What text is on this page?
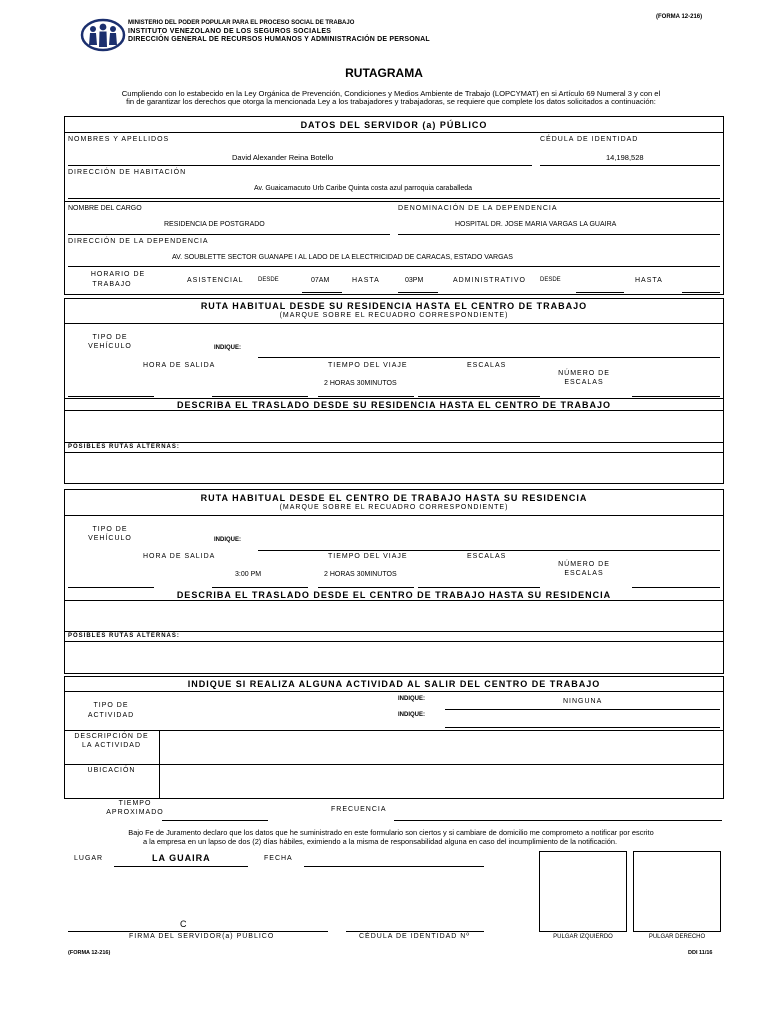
MINISTERIO DEL PODER POPULAR PARA EL PROCESO SOCIAL DE TRABAJO
INSTITUTO VENEZOLANO DE LOS SEGUROS SOCIALES
DIRECCIÓN GENERAL DE RECURSOS HUMANOS Y ADMINISTRACIÓN DE PERSONAL
(FORMA 12-216)
RUTAGRAMA
Cumpliendo con lo estabecido en la Ley Orgánica de Prevención, Condiciones y Medios Ambiente de Trabajo (LOPCYMAT) en si Artículo 69 Numeral 3 y con el
fin de garantizar los derechos que otorga la mencionada Ley a los trabajadores y trabajadoras, se requiere que complete los datos solicitados a continuación:
DATOS DEL SERVIDOR (a) PÚBLICO
NOMBRES Y APELLIDOS	CÉDULA DE IDENTIDAD
David Alexander Reina Botello	14,198,528
DIRECCIÓN DE HABITACIÓN
Av. Guaicamacuto Urb Caribe Quinta costa azul parroquia caraballeda
NOMBRE DEL CARGO	DENOMINACIÓN DE LA DEPENDENCIA
RESIDENCIA DE POSTGRADO	HOSPITAL DR. JOSE MARIA VARGAS LA GUAIRA
DIRECCIÓN DE LA DEPENDENCIA
AV. SOUBLETTE SECTOR GUANAPE I AL LADO DE LA ELECTRICIDAD DE CARACAS, ESTADO VARGAS
HORARIO DE
TRABAJO
ASISTENCIAL DESDE	07AM	HASTA	03PM	ADMINISTRATIVO DESDE	HASTA
RUTA HABITUAL DESDE SU RESIDENCIA HASTA EL CENTRO DE TRABAJO
(MARQUE SOBRE EL RECUADRO CORRESPONDIENTE)
TIPO DE
VEHÍCULO	INDIQUE:
HORA DE SALIDA	TIEMPO DEL VIAJE	ESCALAS
NÚMERO DE
ESCALAS
2 HORAS 30MINUTOS
DESCRIBA EL TRASLADO DESDE SU RESIDENCIA HASTA EL CENTRO DE TRABAJO
POSIBLES RUTAS ALTERNAS:
RUTA HABITUAL DESDE EL CENTRO DE TRABAJO HASTA SU RESIDENCIA
(MARQUE SOBRE EL RECUADRO CORRESPONDIENTE)
TIPO DE
VEHÍCULO	INDIQUE:
HORA DE SALIDA	TIEMPO DEL VIAJE	ESCALAS
NÚMERO DE
ESCALAS
3:00 PM	2 HORAS 30MINUTOS
DESCRIBA EL TRASLADO DESDE EL CENTRO DE TRABAJO HASTA SU RESIDENCIA
POSIBLES RUTAS ALTERNAS:
INDIQUE SI REALIZA ALGUNA ACTIVIDAD AL SALIR DEL CENTRO DE TRABAJO
TIPO DE
ACTIVIDAD
INDIQUE:	NINGUNA
INDIQUE:
DESCRIPCIÓN DE
LA ACTIVIDAD
UBICACIÓN
TIEMPO
APROXIMADO	FRECUENCIA
Bajo Fe de Juramento declaro que los datos que he suministrado en este formulario son ciertos y si cambiare de domicilio me comprometo a notificar por escrito
a la empresa en un lapso de dos (2) días hábiles, eximiendo a la misma de responsabilidad alguna en caso del incumplimiento de la notificación.
LUGAR	LA GUAIRA	FECHA
C
FIRMA DEL SERVIDOR(a) PÚBLICO	CÉDULA DE IDENTIDAD Nº	PULGAR IZQUIERDO	PULGAR DERECHO
(FORMA 12-216)	DDI 11/16
